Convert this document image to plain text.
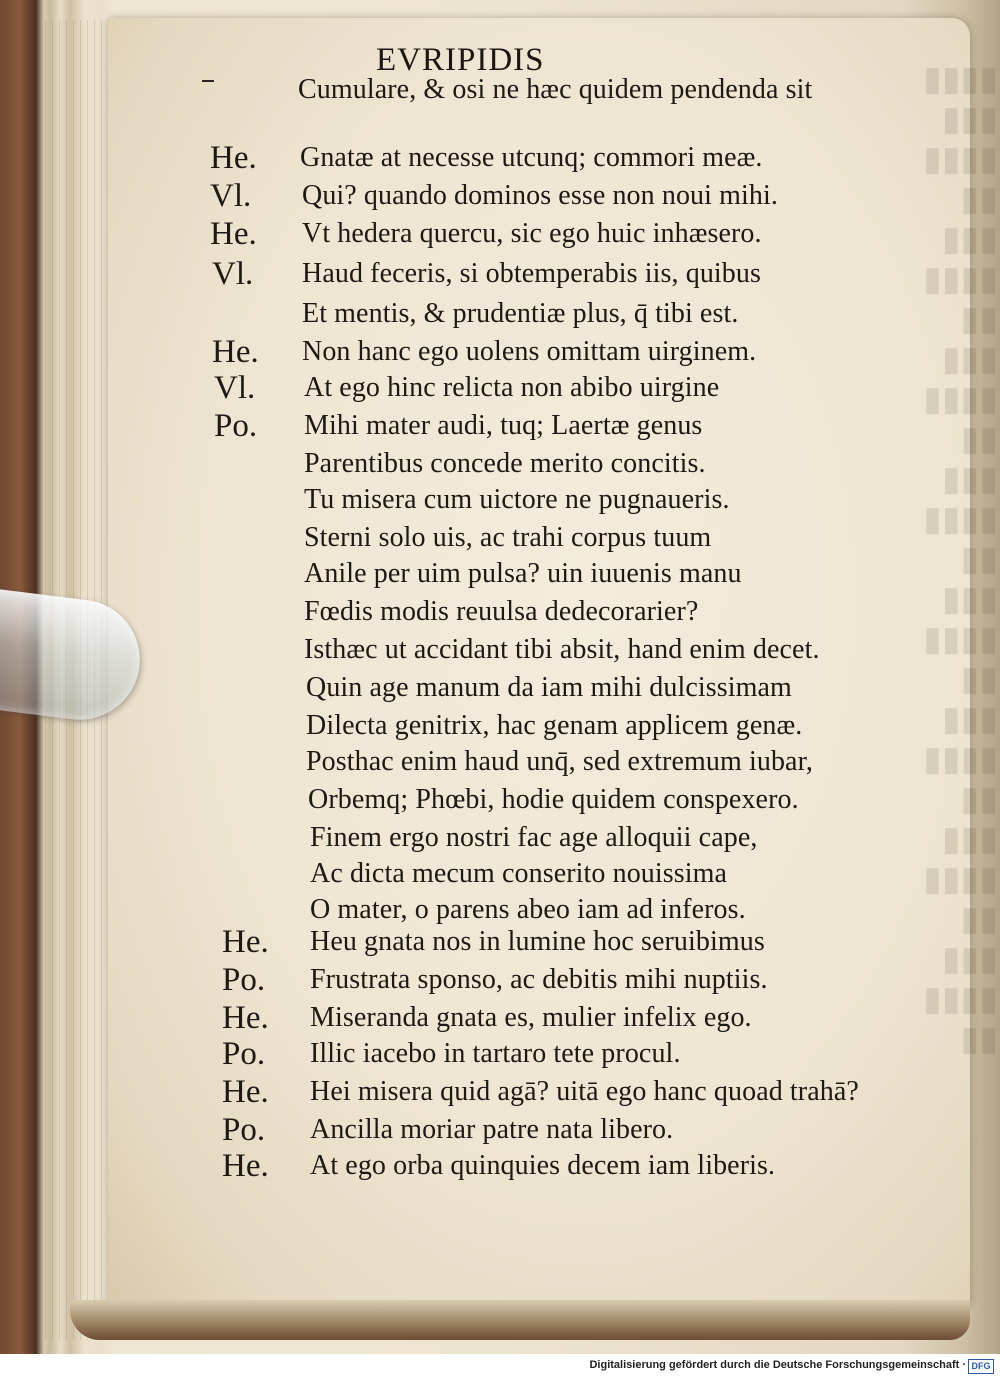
▮▮▮▮
▮▮▮
▮▮▮▮
▮▮
▮▮▮
▮▮▮▮
▮▮
▮▮▮
▮▮▮▮
▮▮
▮▮▮
▮▮▮▮
▮▮
▮▮▮
▮▮▮▮
▮▮
▮▮▮
▮▮▮▮
▮▮
▮▮▮
▮▮▮▮
▮▮
▮▮▮
▮▮▮▮
▮▮
EVRIPIDIS
Cumulare, & osi ne hæc quidem pendenda sit
He. Gnatæ at necesse utcunq; commori meæ.
Vl. Qui? quando dominos esse non noui mihi.
He. Vt hedera quercu, sic ego huic inhæsero.
Vl. Haud feceris, si obtemperabis iis, quibus
Et mentis, & prudentiæ plus, q̄ tibi est.
He. Non hanc ego uolens omittam uirginem.
Vl. At ego hinc relicta non abibo uirgine
Po. Mihi mater audi, tuq; Laertæ genus
Parentibus concede merito concitis.
Tu misera cum uictore ne pugnaueris.
Sterni solo uis, ac trahi corpus tuum
Anile per uim pulsa? uin iuuenis manu
Fœdis modis reuulsa dedecorarier?
Isthæc ut accidant tibi absit, hand enim decet.
Quin age manum da iam mihi dulcissimam
Dilecta genitrix, hac genam applicem genæ.
Posthac enim haud unq̄, sed extremum iubar,
Orbemq; Phœbi, hodie quidem conspexero.
Finem ergo nostri fac age alloquii cape,
Ac dicta mecum conserito nouissima
O mater, o parens abeo iam ad inferos.
He. Heu gnata nos in lumine hoc seruibimus
Po. Frustrata sponso, ac debitis mihi nuptiis.
He. Miseranda gnata es, mulier infelix ego.
Po. Illic iacebo in tartaro tete procul.
He. Hei misera quid agā? uitā ego hanc quoad trahā?
Po. Ancilla moriar patre nata libero.
He. At ego orba quinquies decem iam liberis.
Digitalisierung gefördert durch die Deutsche Forschungsgemeinschaft · DFG
